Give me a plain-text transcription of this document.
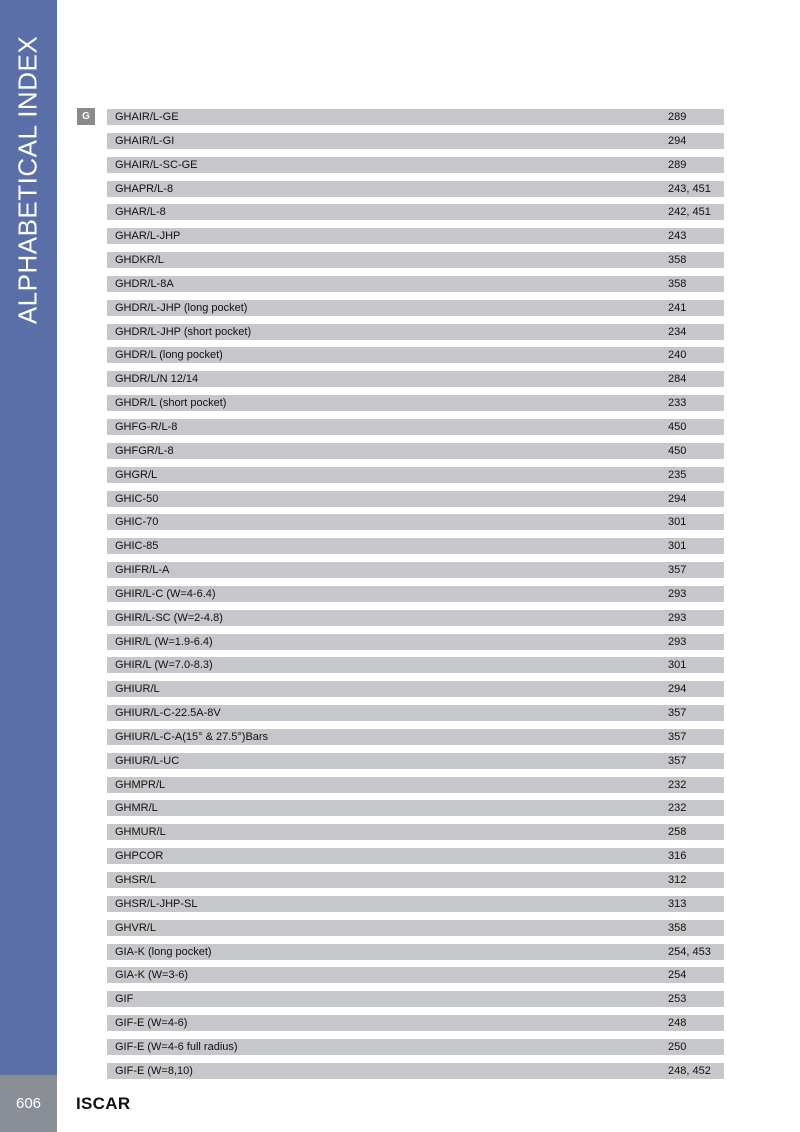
ALPHABETICAL INDEX
606	ISCAR
G	GHAIR/L-GE	289
GHAIR/L-GI	294
GHAIR/L-SC-GE	289
GHAPR/L-8	243, 451
GHAR/L-8	242, 451
GHAR/L-JHP	243
GHDKR/L	358
GHDR/L-8A	358
GHDR/L-JHP (long pocket)	241
GHDR/L-JHP (short pocket)	234
GHDR/L (long pocket)	240
GHDR/L/N 12/14	284
GHDR/L (short pocket)	233
GHFG-R/L-8	450
GHFGR/L-8	450
GHGR/L	235
GHIC-50	294
GHIC-70	301
GHIC-85	301
GHIFR/L-A	357
GHIR/L-C (W=4-6.4)	293
GHIR/L-SC (W=2-4.8)	293
GHIR/L (W=1.9-6.4)	293
GHIR/L (W=7.0-8.3)	301
GHIUR/L	294
GHIUR/L-C-22.5A-8V	357
GHIUR/L-C-A(15° & 27.5°)Bars	357
GHIUR/L-UC	357
GHMPR/L	232
GHMR/L	232
GHMUR/L	258
GHPCOR	316
GHSR/L	312
GHSR/L-JHP-SL	313
GHVR/L	358
GIA-K (long pocket)	254, 453
GIA-K (W=3-6)	254
GIF	253
GIF-E (W=4-6)	248
GIF-E (W=4-6 full radius)	250
GIF-E (W=8,10)	248, 452
